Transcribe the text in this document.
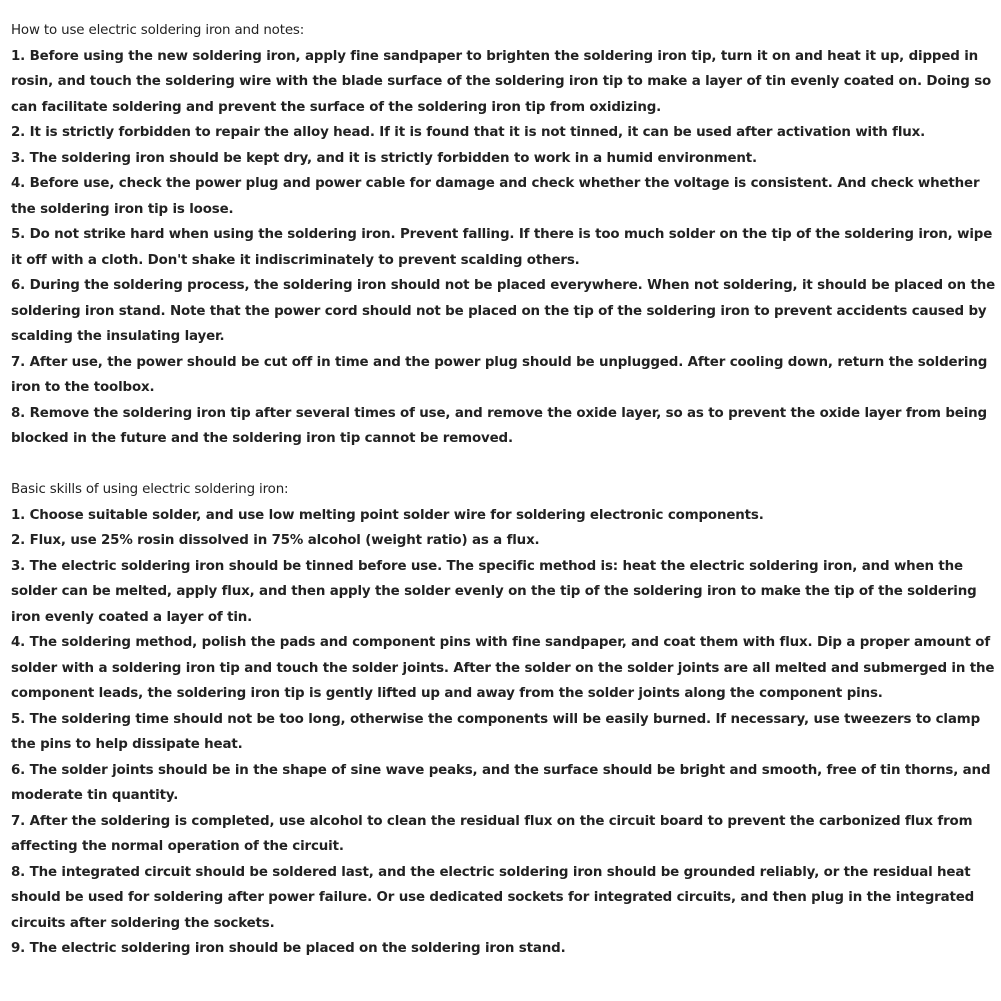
How to use electric soldering iron and notes:

1. Before using the new soldering iron, apply fine sandpaper to brighten the soldering iron tip, turn it on and heat it up, dipped in rosin, and touch the soldering wire with the blade surface of the soldering iron tip to make a layer of tin evenly coated on. Doing so can facilitate soldering and prevent the surface of the soldering iron tip from oxidizing.

2. It is strictly forbidden to repair the alloy head. If it is found that it is not tinned, it can be used after activation with flux.

3. The soldering iron should be kept dry, and it is strictly forbidden to work in a humid environment.

4. Before use, check the power plug and power cable for damage and check whether the voltage is consistent. And check whether the soldering iron tip is loose.

5. Do not strike hard when using the soldering iron. Prevent falling. If there is too much solder on the tip of the soldering iron, wipe it off with a cloth. Don't shake it indiscriminately to prevent scalding others.

6. During the soldering process, the soldering iron should not be placed everywhere. When not soldering, it should be placed on the soldering iron stand. Note that the power cord should not be placed on the tip of the soldering iron to prevent accidents caused by scalding the insulating layer.

7. After use, the power should be cut off in time and the power plug should be unplugged. After cooling down, return the soldering iron to the toolbox.

8. Remove the soldering iron tip after several times of use, and remove the oxide layer, so as to prevent the oxide layer from being blocked in the future and the soldering iron tip cannot be removed.

Basic skills of using electric soldering iron:

1. Choose suitable solder, and use low melting point solder wire for soldering electronic components.

2. Flux, use 25% rosin dissolved in 75% alcohol (weight ratio) as a flux.

3. The electric soldering iron should be tinned before use. The specific method is: heat the electric soldering iron, and when the solder can be melted, apply flux, and then apply the solder evenly on the tip of the soldering iron to make the tip of the soldering iron evenly coated a layer of tin.

4. The soldering method, polish the pads and component pins with fine sandpaper, and coat them with flux. Dip a proper amount of solder with a soldering iron tip and touch the solder joints. After the solder on the solder joints are all melted and submerged in the component leads, the soldering iron tip is gently lifted up and away from the solder joints along the component pins.

5. The soldering time should not be too long, otherwise the components will be easily burned. If necessary, use tweezers to clamp the pins to help dissipate heat.

6. The solder joints should be in the shape of sine wave peaks, and the surface should be bright and smooth, free of tin thorns, and moderate tin quantity.

7. After the soldering is completed, use alcohol to clean the residual flux on the circuit board to prevent the carbonized flux from affecting the normal operation of the circuit.

8. The integrated circuit should be soldered last, and the electric soldering iron should be grounded reliably, or the residual heat should be used for soldering after power failure. Or use dedicated sockets for integrated circuits, and then plug in the integrated circuits after soldering the sockets.

9. The electric soldering iron should be placed on the soldering iron stand.
